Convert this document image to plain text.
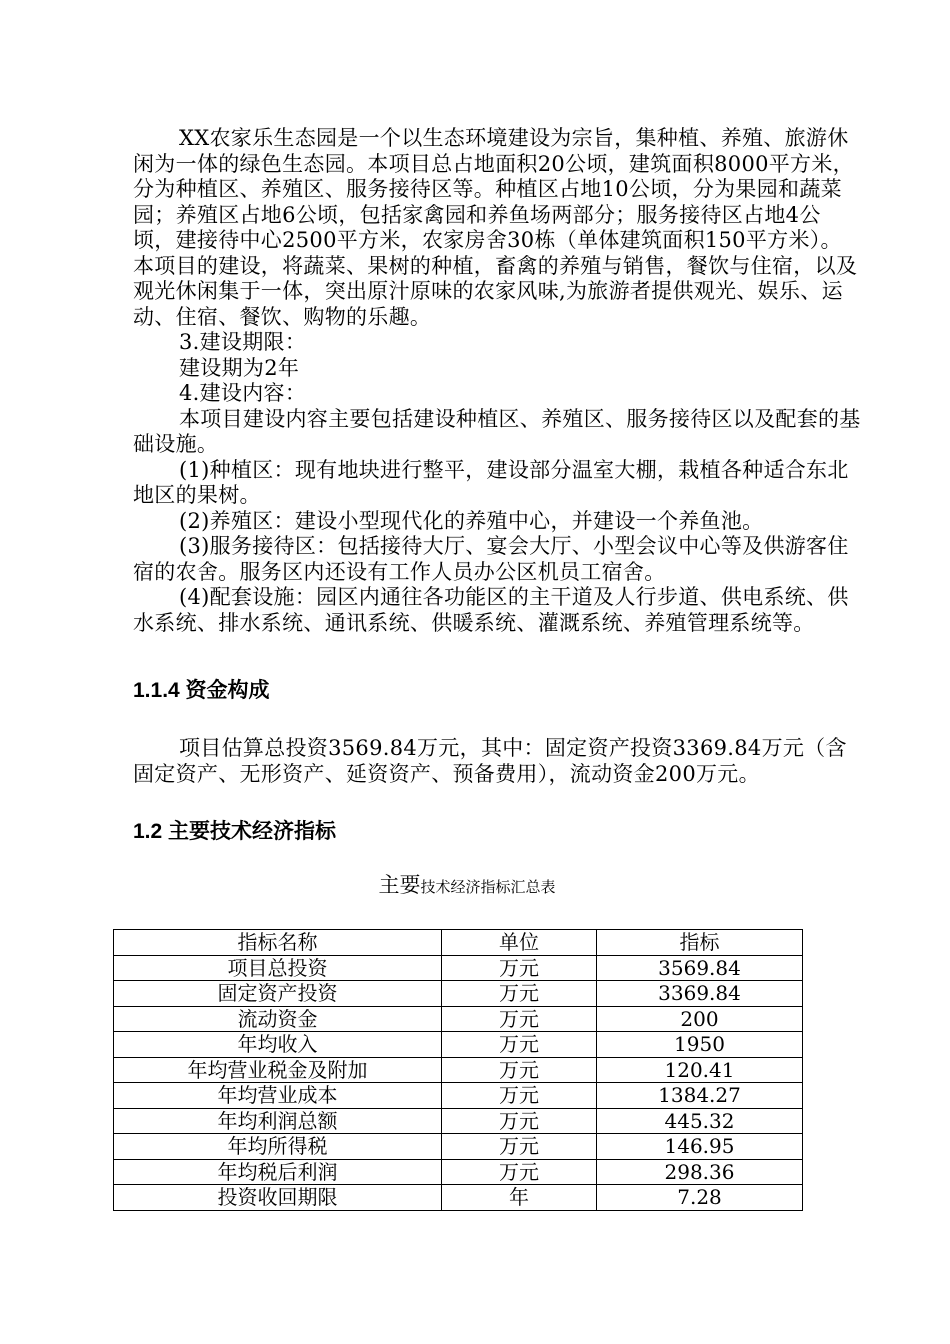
XX农家乐生态园是一个以生态环境建设为宗旨，集种植、养殖、旅游休闲为一体的绿色生态园。本项目总占地面积20公顷，建筑面积8000平方米，分为种植区、养殖区、服务接待区等。种植区占地10公顷，分为果园和蔬菜园；养殖区占地6公顷，包括家禽园和养鱼场两部分；服务接待区占地4公顷，建接待中心2500平方米，农家房舍30栋（单体建筑面积150平方米）。本项目的建设，将蔬菜、果树的种植，畜禽的养殖与销售，餐饮与住宿，以及观光休闲集于一体，突出原汁原味的农家风味,为旅游者提供观光、娱乐、运动、住宿、餐饮、购物的乐趣。

3.建设期限：

建设期为2年

4.建设内容：

本项目建设内容主要包括建设种植区、养殖区、服务接待区以及配套的基础设施。

(1)种植区：现有地块进行整平，建设部分温室大棚，栽植各种适合东北地区的果树。

(2)养殖区：建设小型现代化的养殖中心，并建设一个养鱼池。

(3)服务接待区：包括接待大厅、宴会大厅、小型会议中心等及供游客住宿的农舍。服务区内还设有工作人员办公区机员工宿舍。

(4)配套设施：园区内通往各功能区的主干道及人行步道、供电系统、供水系统、排水系统、通讯系统、供暖系统、灌溉系统、养殖管理系统等。

1.1.4 资金构成

项目估算总投资3569.84万元，其中：固定资产投资3369.84万元（含固定资产、无形资产、延资资产、预备费用），流动资金200万元。

1.2 主要技术经济指标
主要技术经济指标汇总表
指标名称	单位	指标
项目总投资	万元	3569.84
固定资产投资	万元	3369.84
流动资金	万元	200
年均收入	万元	1950
年均营业税金及附加	万元	120.41
年均营业成本	万元	1384.27
年均利润总额	万元	445.32
年均所得税	万元	146.95
年均税后利润	万元	298.36
投资收回期限	年	7.28
